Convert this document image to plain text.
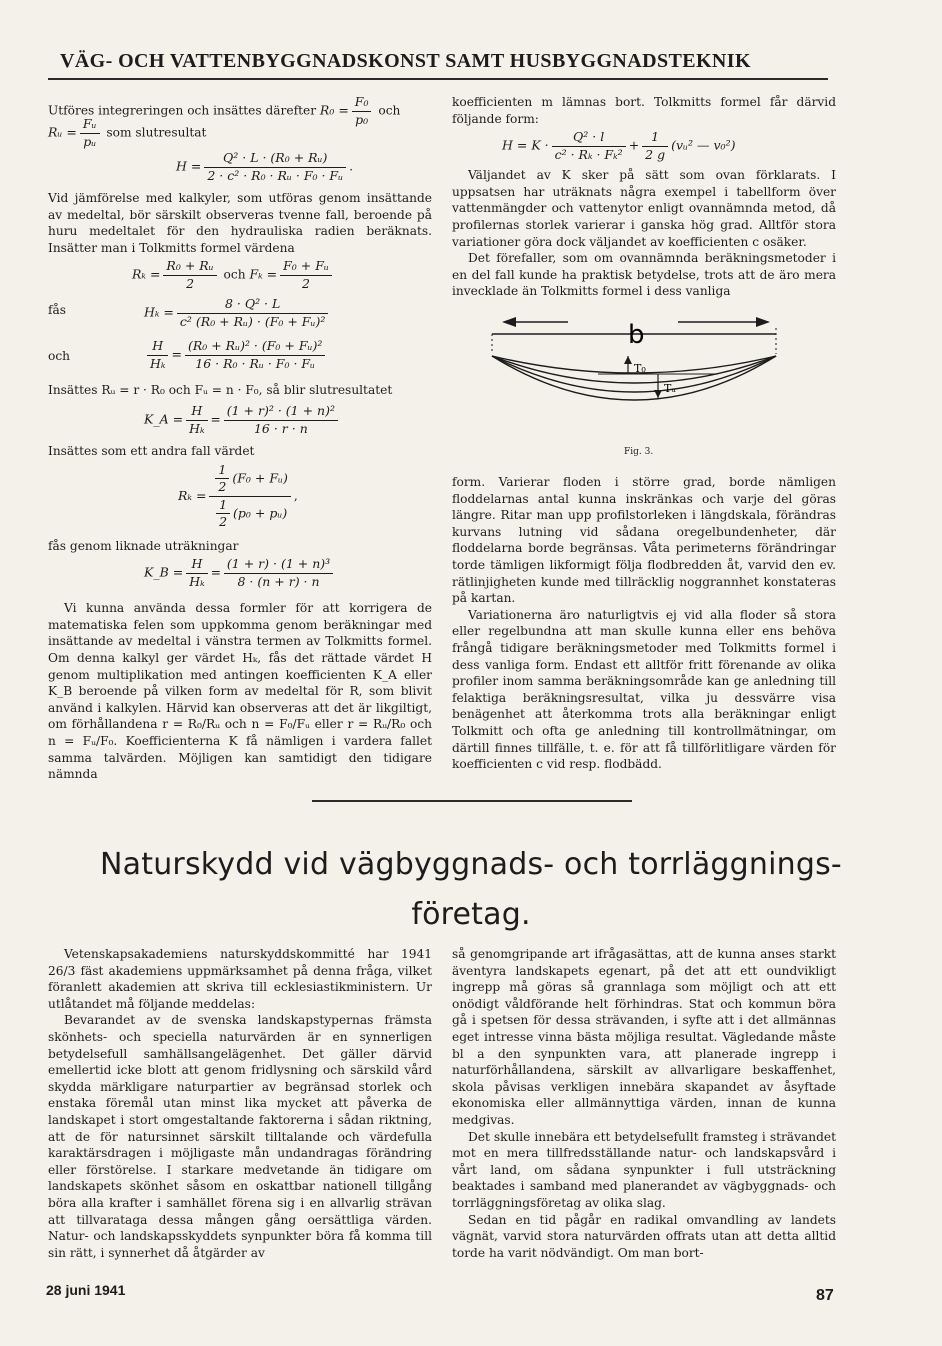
VÄG- OCH VATTENBYGGNADSKONST SAMT HUSBYGGNADSTEKNIK
Utföres integreringen och insättes därefter $R_0 = \frac{\text{F₀}}{\text{p₀}}$ och
Rᵤ = $\frac{\text{Fᵤ}}{\text{pᵤ}}$ som slutresultat
$H = \frac{\text{Q² · L · (R₀ + Rᵤ)}}{\text{2 · c² · R₀ · Rᵤ · F₀ · Fᵤ}}$ .

Vid jämförelse med kalkyler, som utföras genom insättande av medeltal, bör särskilt observeras tvenne fall, beroende på huru medeltalet för den hydrauliska radien beräknats. Insätter man i Tolkmitts formel värdena

$R_k = \frac{\text{R₀ + Rᵤ}}{2}$ och $F_k = \frac{\text{F₀ + Fᵤ}}{2}$
fås	$H_k = \frac{\text{8 · Q² · L}}{\text{c² (R₀ + Rᵤ) · (F₀ + Fᵤ)²}}$
och	$\frac{H}{\text{Hₖ}} = \frac{\text{(R₀ + Rᵤ)² · (F₀ + Fᵤ)²}}{\text{16 · R₀ · Rᵤ · F₀ · Fᵤ}}$

Insättes Rᵤ = r · R₀ och Fᵤ = n · F₀, så blir slutresultatet

K_A = $\frac{H}{\text{Hₖ}} = \frac{\text{(1 + r)² · (1 + n)²}}{16 \cdot r \cdot n}$

Insättes som ett andra fall värdet

$R_k = \frac{\frac{1}{2} (F_0 + Fᵤ)}{\frac{1}{2} (p_0 + pᵤ)}$ ,

fås genom liknade uträkningar

K_B = $\frac{H}{\text{Hₖ}} = \frac{\text{(1 + r) · (1 + n)³}}{8 \cdot (n + r) \cdot n}$

Vi kunna använda dessa formler för att korrigera de matematiska felen som uppkomma genom beräkningar med insättande av medeltal i vänstra termen av Tolkmitts formel. Om denna kalkyl ger värdet Hₖ, fås det rättade värdet H genom multiplikation med antingen koefficienten K_A eller K_B beroende på vilken form av medeltal för R, som blivit använd i kalkylen. Härvid kan observeras att det är likgiltigt, om förhållandena r = R₀/Rᵤ och n = F₀/Fᵤ eller r = Rᵤ/R₀ och n = Fᵤ/F₀. Koefficienterna K få nämligen i vardera fallet samma talvärden. Möjligen kan samtidigt den tidigare nämnda

koefficienten m lämnas bort. Tolkmitts formel får därvid följande form:

$H = K \cdot \frac{\text{Q² · l}}{\text{c² · Rₖ · Fₖ²}} + \frac{1}{2 g}$ (vᵤ² — v₀²)

Väljandet av K sker på sätt som ovan förklarats. I uppsatsen har uträknats några exempel i tabellform över vattenmängder och vattenytor enligt ovannämnda metod, då profilernas storlek varierar i ganska hög grad. Alltför stora variationer göra dock väljandet av koefficienten c osäker.

Det förefaller, som om ovannämnda beräkningsmetoder i en del fall kunde ha praktisk betydelse, trots att de äro mera invecklade än Tolkmitts formel i dess vanliga

b
T₀
Tᵤ
Fig. 3.

form. Varierar floden i större grad, borde nämligen floddelarnas antal kunna inskränkas och varje del göras längre. Ritar man upp profilstorleken i längdskala, förändras kurvans lutning vid sådana oregelbundenheter, där floddelarna borde begränsas. Våta perimeterns förändringar torde tämligen likformigt följa flodbredden åt, varvid den ev. rätlinjigheten kunde med tillräcklig noggrannhet konstateras på kartan.

Variationerna äro naturligtvis ej vid alla floder så stora eller regelbundna att man skulle kunna eller ens behöva frångå tidigare beräkningsmetoder med Tolkmitts formel i dess vanliga form. Endast ett alltför fritt förenande av olika profiler inom samma beräkningsområde kan ge anledning till felaktiga beräkningsresultat, vilka ju dessvärre visa benägenhet att återkomma trots alla beräkningar enligt Tolkmitt och ofta ge anledning till kontrollmätningar, om därtill finnes tillfälle, t. e. för att få tillförlitligare värden för koefficienten c vid resp. flodbädd.

Naturskydd vid vägbyggnads- och torrläggnings-
företag.

Vetenskapsakademiens naturskyddskommitté har 1941 26/3 fäst akademiens uppmärksamhet på denna fråga, vilket föranlett akademien att skriva till ecklesiastikministern. Ur utlåtandet må följande meddelas:

Bevarandet av de svenska landskapstypernas främsta skönhets- och speciella naturvärden är en synnerligen betydelsefull samhällsangelägenhet. Det gäller därvid emellertid icke blott att genom fridlysning och särskild vård skydda märkligare naturpartier av begränsad storlek och enstaka föremål utan minst lika mycket att påverka de landskapet i stort omgestaltande faktorerna i sådan riktning, att de för natursinnet särskilt tilltalande och värdefulla karaktärsdragen i möjligaste mån undandragas förändring eller förstörelse. I starkare medvetande än tidigare om landskapets skönhet såsom en oskattbar nationell tillgång böra alla krafter i samhället förena sig i en allvarlig strävan att tillvaratagа dessa mången gång oersättliga värden. Natur- och landskapsskyddets synpunkter böra få komma till sin rätt, i synnerhet då åtgärder av

så genomgripande art ifrågasättas, att de kunna anses starkt äventyra landskapets egenart, på det att ett oundvikligt ingrepp må göras så grannlaga som möjligt och att ett onödigt våldförande helt förhindras. Stat och kommun böra gå i spetsen för dessa strävanden, i syfte att i det allmännas eget intresse vinna bästa möjliga resultat. Vägledande måste bl a den synpunkten vara, att planerade ingrepp i naturförhållandena, särskilt av allvarligare beskaffenhet, skola påvisas verkligen innebära skapandet av åsyftade ekonomiska eller allmännyttiga värden, innan de kunna medgivas.

Det skulle innebära ett betydelsefullt framsteg i strävandet mot en mera tillfredsställande natur- och landskapsvård i vårt land, om sådana synpunkter i full utsträckning beaktades i samband med planerandet av vägbyggnads- och torrläggningsföretag av olika slag.

Sedan en tid pågår en radikal omvandling av landets vägnät, varvid stora naturvärden offrats utan att detta alltid torde ha varit nödvändigt. Om man bort-

28 juni 1941	87
